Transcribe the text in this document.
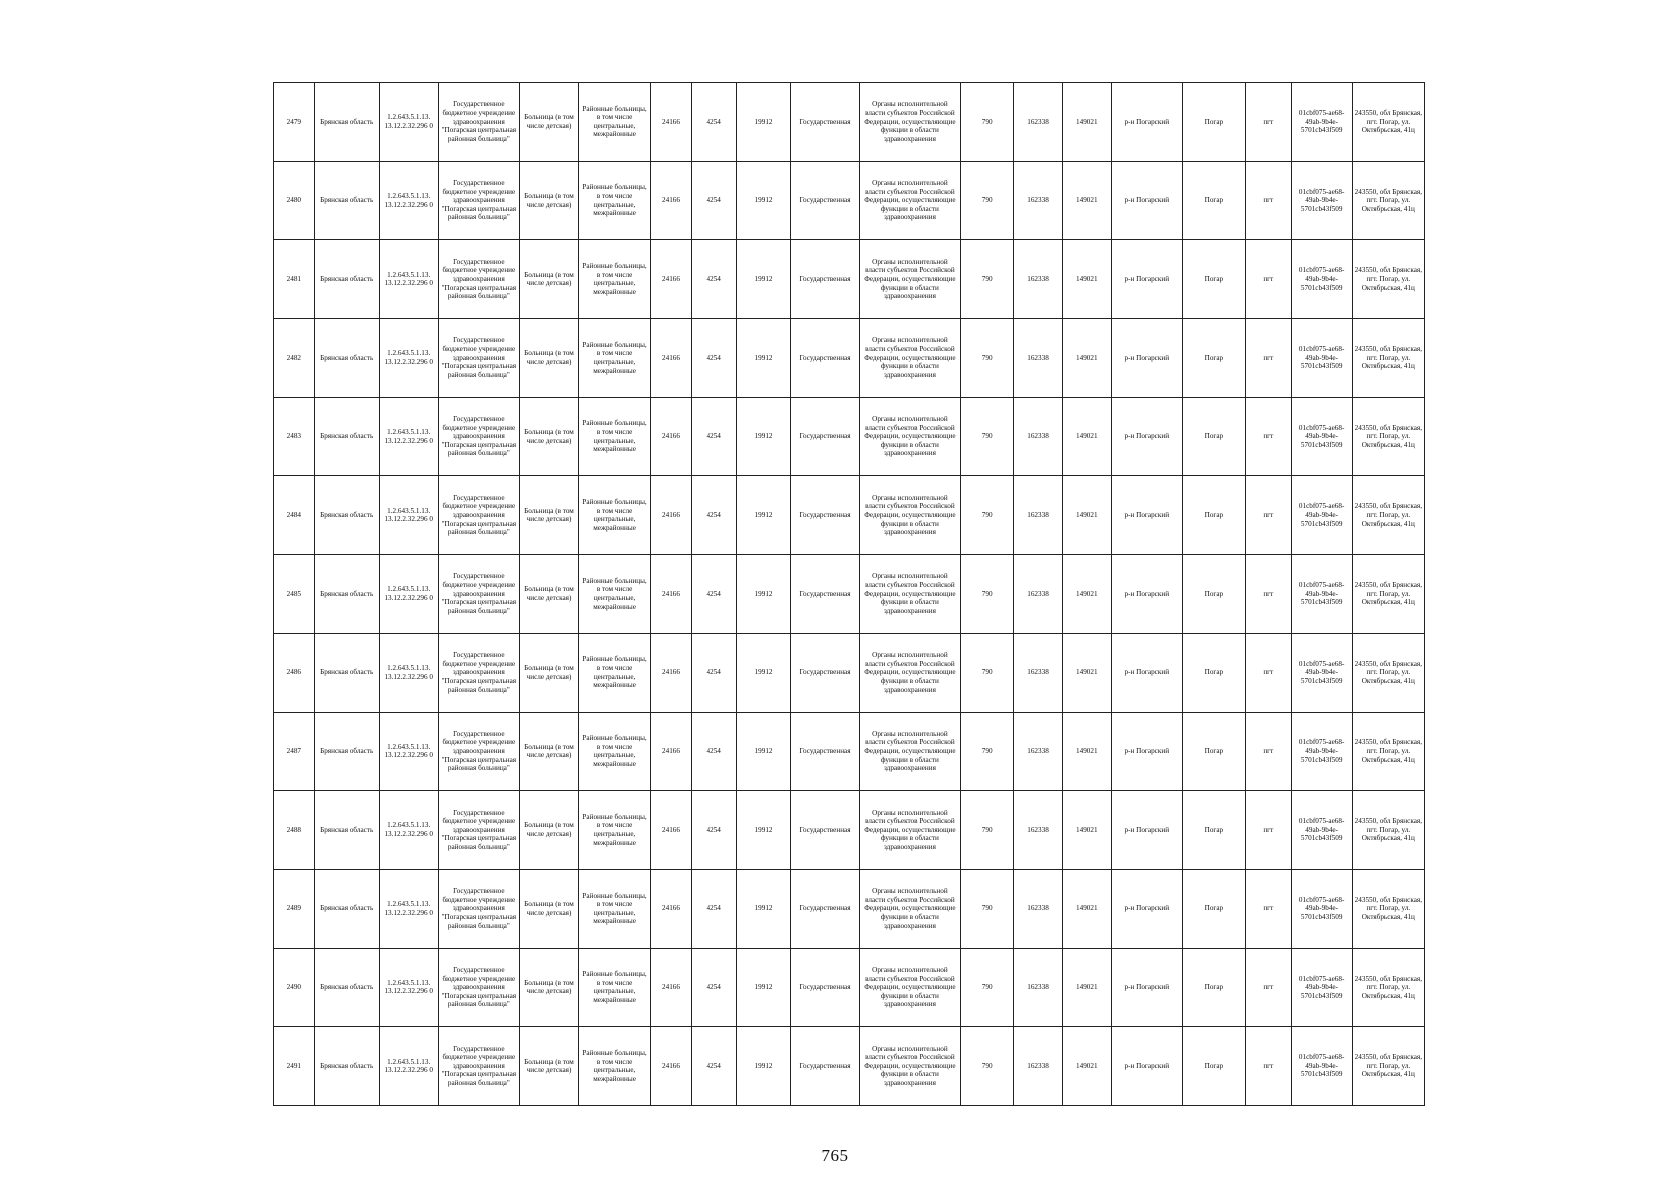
2479	Брянская область	1.2.643.5.1.13. 13.12.2.32.296 0	Государственное бюджетное учреждение здравоохранения "Погарская центральная районная больница"	Больница (в том числе детская)	Районные больницы, в том числе центральные, межрайонные	24166	4254	19912	Государственная	Органы исполнительной власти субъектов Российской Федерации, осуществляющие функции в области здравоохранения	790	162338	149021	р-н Погарский	Погар	пгт	01cbf075-ae68-49ab-9b4e-5701cb43f509	243550, обл Брянская, пгт. Погар, ул. Октябрьская, 41ц
2480	Брянская область	1.2.643.5.1.13. 13.12.2.32.296 0	Государственное бюджетное учреждение здравоохранения "Погарская центральная районная больница"	Больница (в том числе детская)	Районные больницы, в том числе центральные, межрайонные	24166	4254	19912	Государственная	Органы исполнительной власти субъектов Российской Федерации, осуществляющие функции в области здравоохранения	790	162338	149021	р-н Погарский	Погар	пгт	01cbf075-ae68-49ab-9b4e-5701cb43f509	243550, обл Брянская, пгт. Погар, ул. Октябрьская, 41ц
2481	Брянская область	1.2.643.5.1.13. 13.12.2.32.296 0	Государственное бюджетное учреждение здравоохранения "Погарская центральная районная больница"	Больница (в том числе детская)	Районные больницы, в том числе центральные, межрайонные	24166	4254	19912	Государственная	Органы исполнительной власти субъектов Российской Федерации, осуществляющие функции в области здравоохранения	790	162338	149021	р-н Погарский	Погар	пгт	01cbf075-ae68-49ab-9b4e-5701cb43f509	243550, обл Брянская, пгт. Погар, ул. Октябрьская, 41ц
2482	Брянская область	1.2.643.5.1.13. 13.12.2.32.296 0	Государственное бюджетное учреждение здравоохранения "Погарская центральная районная больница"	Больница (в том числе детская)	Районные больницы, в том числе центральные, межрайонные	24166	4254	19912	Государственная	Органы исполнительной власти субъектов Российской Федерации, осуществляющие функции в области здравоохранения	790	162338	149021	р-н Погарский	Погар	пгт	01cbf075-ae68-49ab-9b4e-5701cb43f509	243550, обл Брянская, пгт. Погар, ул. Октябрьская, 41ц
2483	Брянская область	1.2.643.5.1.13. 13.12.2.32.296 0	Государственное бюджетное учреждение здравоохранения "Погарская центральная районная больница"	Больница (в том числе детская)	Районные больницы, в том числе центральные, межрайонные	24166	4254	19912	Государственная	Органы исполнительной власти субъектов Российской Федерации, осуществляющие функции в области здравоохранения	790	162338	149021	р-н Погарский	Погар	пгт	01cbf075-ae68-49ab-9b4e-5701cb43f509	243550, обл Брянская, пгт. Погар, ул. Октябрьская, 41ц
2484	Брянская область	1.2.643.5.1.13. 13.12.2.32.296 0	Государственное бюджетное учреждение здравоохранения "Погарская центральная районная больница"	Больница (в том числе детская)	Районные больницы, в том числе центральные, межрайонные	24166	4254	19912	Государственная	Органы исполнительной власти субъектов Российской Федерации, осуществляющие функции в области здравоохранения	790	162338	149021	р-н Погарский	Погар	пгт	01cbf075-ae68-49ab-9b4e-5701cb43f509	243550, обл Брянская, пгт. Погар, ул. Октябрьская, 41ц
2485	Брянская область	1.2.643.5.1.13. 13.12.2.32.296 0	Государственное бюджетное учреждение здравоохранения "Погарская центральная районная больница"	Больница (в том числе детская)	Районные больницы, в том числе центральные, межрайонные	24166	4254	19912	Государственная	Органы исполнительной власти субъектов Российской Федерации, осуществляющие функции в области здравоохранения	790	162338	149021	р-н Погарский	Погар	пгт	01cbf075-ae68-49ab-9b4e-5701cb43f509	243550, обл Брянская, пгт. Погар, ул. Октябрьская, 41ц
2486	Брянская область	1.2.643.5.1.13. 13.12.2.32.296 0	Государственное бюджетное учреждение здравоохранения "Погарская центральная районная больница"	Больница (в том числе детская)	Районные больницы, в том числе центральные, межрайонные	24166	4254	19912	Государственная	Органы исполнительной власти субъектов Российской Федерации, осуществляющие функции в области здравоохранения	790	162338	149021	р-н Погарский	Погар	пгт	01cbf075-ae68-49ab-9b4e-5701cb43f509	243550, обл Брянская, пгт. Погар, ул. Октябрьская, 41ц
2487	Брянская область	1.2.643.5.1.13. 13.12.2.32.296 0	Государственное бюджетное учреждение здравоохранения "Погарская центральная районная больница"	Больница (в том числе детская)	Районные больницы, в том числе центральные, межрайонные	24166	4254	19912	Государственная	Органы исполнительной власти субъектов Российской Федерации, осуществляющие функции в области здравоохранения	790	162338	149021	р-н Погарский	Погар	пгт	01cbf075-ae68-49ab-9b4e-5701cb43f509	243550, обл Брянская, пгт. Погар, ул. Октябрьская, 41ц
2488	Брянская область	1.2.643.5.1.13. 13.12.2.32.296 0	Государственное бюджетное учреждение здравоохранения "Погарская центральная районная больница"	Больница (в том числе детская)	Районные больницы, в том числе центральные, межрайонные	24166	4254	19912	Государственная	Органы исполнительной власти субъектов Российской Федерации, осуществляющие функции в области здравоохранения	790	162338	149021	р-н Погарский	Погар	пгт	01cbf075-ae68-49ab-9b4e-5701cb43f509	243550, обл Брянская, пгт. Погар, ул. Октябрьская, 41ц
2489	Брянская область	1.2.643.5.1.13. 13.12.2.32.296 0	Государственное бюджетное учреждение здравоохранения "Погарская центральная районная больница"	Больница (в том числе детская)	Районные больницы, в том числе центральные, межрайонные	24166	4254	19912	Государственная	Органы исполнительной власти субъектов Российской Федерации, осуществляющие функции в области здравоохранения	790	162338	149021	р-н Погарский	Погар	пгт	01cbf075-ae68-49ab-9b4e-5701cb43f509	243550, обл Брянская, пгт. Погар, ул. Октябрьская, 41ц
2490	Брянская область	1.2.643.5.1.13. 13.12.2.32.296 0	Государственное бюджетное учреждение здравоохранения "Погарская центральная районная больница"	Больница (в том числе детская)	Районные больницы, в том числе центральные, межрайонные	24166	4254	19912	Государственная	Органы исполнительной власти субъектов Российской Федерации, осуществляющие функции в области здравоохранения	790	162338	149021	р-н Погарский	Погар	пгт	01cbf075-ae68-49ab-9b4e-5701cb43f509	243550, обл Брянская, пгт. Погар, ул. Октябрьская, 41ц
2491	Брянская область	1.2.643.5.1.13. 13.12.2.32.296 0	Государственное бюджетное учреждение здравоохранения "Погарская центральная районная больница"	Больница (в том числе детская)	Районные больницы, в том числе центральные, межрайонные	24166	4254	19912	Государственная	Органы исполнительной власти субъектов Российской Федерации, осуществляющие функции в области здравоохранения	790	162338	149021	р-н Погарский	Погар	пгт	01cbf075-ae68-49ab-9b4e-5701cb43f509	243550, обл Брянская, пгт. Погар, ул. Октябрьская, 41ц
765
